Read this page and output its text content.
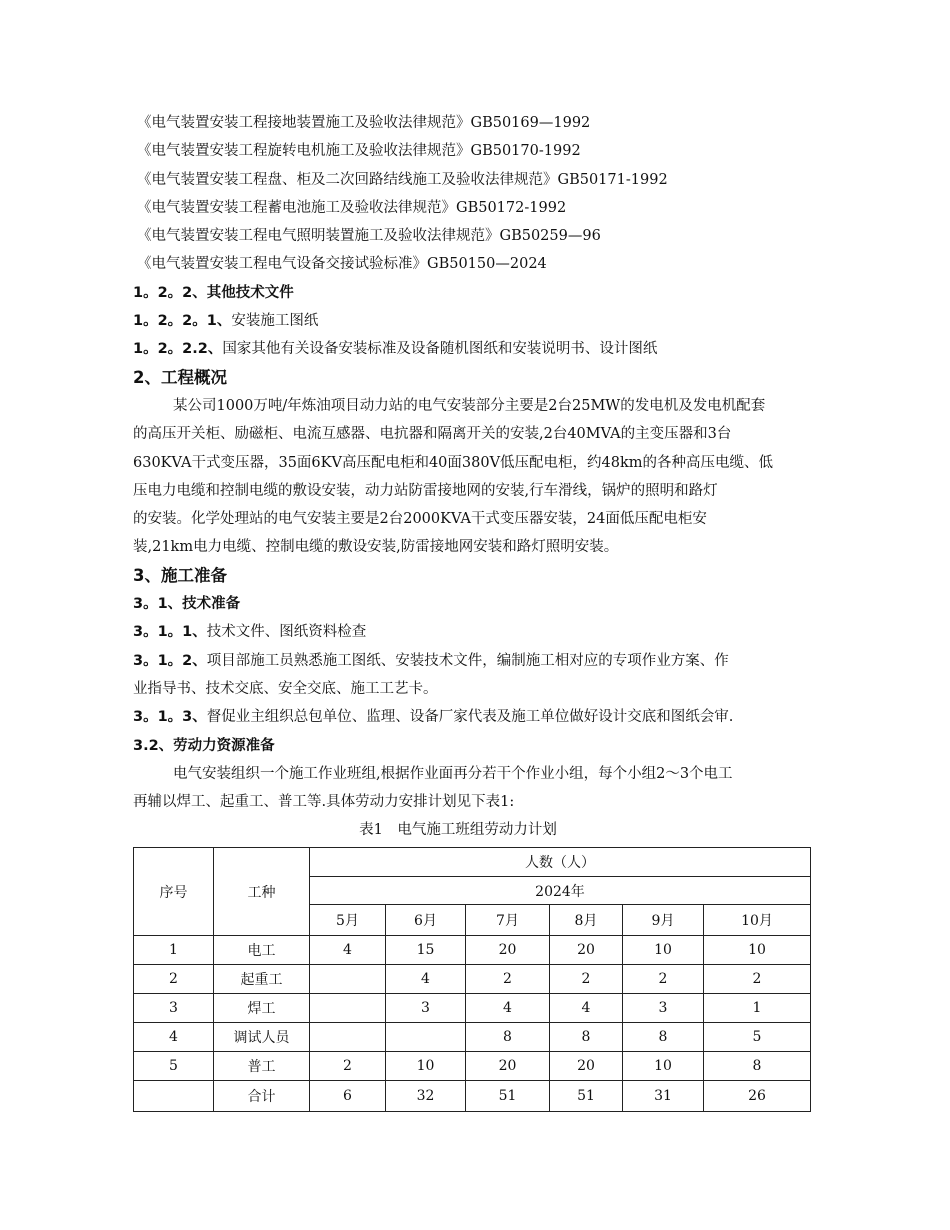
《电气装置安装工程接地装置施工及验收法律规范》GB50169—1992
《电气装置安装工程旋转电机施工及验收法律规范》GB50170-1992
《电气装置安装工程盘、柜及二次回路结线施工及验收法律规范》GB50171-1992
《电气装置安装工程蓄电池施工及验收法律规范》GB50172-1992
《电气装置安装工程电气照明装置施工及验收法律规范》GB50259—96
《电气装置安装工程电气设备交接试验标准》GB50150—2024
1。2。2、其他技术文件
1。2。2。1、安装施工图纸
1。2。2.2、国家其他有关设备安装标准及设备随机图纸和安装说明书、设计图纸
2、工程概况
某公司1000万吨/年炼油项目动力站的电气安装部分主要是2台25MW的发电机及发电机配套
的高压开关柜、励磁柜、电流互感器、电抗器和隔离开关的安装,2台40MVA的主变压器和3台
630KVA干式变压器，35面6KV高压配电柜和40面380V低压配电柜，约48km的各种高压电缆、低
压电力电缆和控制电缆的敷设安装，动力站防雷接地网的安装,行车滑线，锅炉的照明和路灯
的安装。化学处理站的电气安装主要是2台2000KVA干式变压器安装，24面低压配电柜安
装,21km电力电缆、控制电缆的敷设安装,防雷接地网安装和路灯照明安装。
3、施工准备
3。1、技术准备
3。1。1、技术文件、图纸资料检查
3。1。2、项目部施工员熟悉施工图纸、安装技术文件，编制施工相对应的专项作业方案、作
业指导书、技术交底、安全交底、施工工艺卡。
3。1。3、督促业主组织总包单位、监理、设备厂家代表及施工单位做好设计交底和图纸会审.
3.2、劳动力资源准备
电气安装组织一个施工作业班组,根据作业面再分若干个作业小组，每个小组2～3个电工
再辅以焊工、起重工、普工等.具体劳动力安排计划见下表1:
表1　电气施工班组劳动力计划
序号	工种	人数（人）					
		2024年					
		5月	6月	7月	8月	9月	10月
1	电工	4	15	20	20	10	10
2	起重工		4	2	2	2	2
3	焊工		3	4	4	3	1
4	调试人员			8	8	8	5
5	普工	2	10	20	20	10	8
	合计	6	32	51	51	31	26
